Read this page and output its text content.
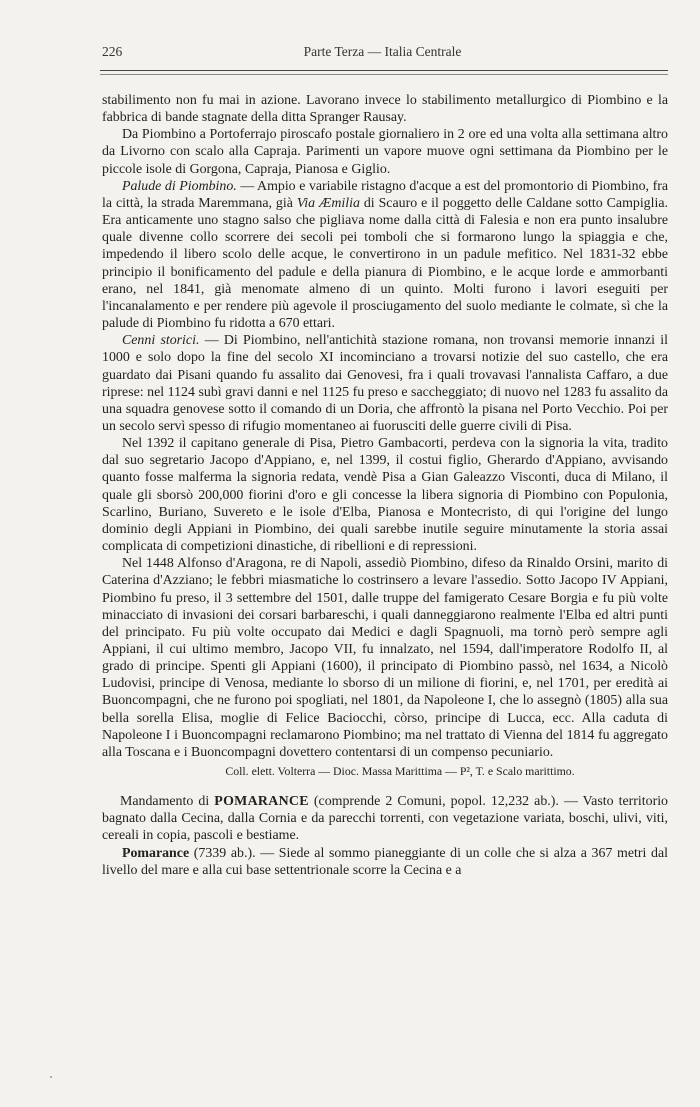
226	Parte Terza — Italia Centrale

stabilimento non fu mai in azione. Lavorano invece lo stabilimento metallurgico di Piombino e la fabbrica di bande stagnate della ditta Spranger Rausay.

Da Piombino a Portoferrajo piroscafo postale giornaliero in 2 ore ed una volta alla settimana altro da Livorno con scalo alla Capraja. Parimenti un vapore muove ogni settimana da Piombino per le piccole isole di Gorgona, Capraja, Pianosa e Giglio.

Palude di Piombino. — Ampio e variabile ristagno d'acque a est del promontorio di Piombino, fra la città, la strada Maremmana, già Via Æmilia di Scauro e il poggetto delle Caldane sotto Campiglia. Era anticamente uno stagno salso che pigliava nome dalla città di Falesia e non era punto insalubre quale divenne collo scorrere dei secoli pei tomboli che si formarono lungo la spiaggia e che, impedendo il libero scolo delle acque, le convertirono in un padule mefitico. Nel 1831-32 ebbe principio il bonificamento del padule e della pianura di Piombino, e le acque lorde e ammorbanti erano, nel 1841, già menomate almeno di un quinto. Molti furono i lavori eseguiti per l'incanalamento e per rendere più agevole il prosciugamento del suolo mediante le colmate, sì che la palude di Piombino fu ridotta a 670 ettari.

Cenni storici. — Di Piombino, nell'antichità stazione romana, non trovansi memorie innanzi il 1000 e solo dopo la fine del secolo XI incominciano a trovarsi notizie del suo castello, che era guardato dai Pisani quando fu assalito dai Genovesi, fra i quali trovavasi l'annalista Caffaro, a due riprese: nel 1124 subì gravi danni e nel 1125 fu preso e saccheggiato; di nuovo nel 1283 fu assalito da una squadra genovese sotto il comando di un Doria, che affrontò la pisana nel Porto Vecchio. Poi per un secolo servì spesso di rifugio momentaneo ai fuorusciti delle guerre civili di Pisa.

Nel 1392 il capitano generale di Pisa, Pietro Gambacorti, perdeva con la signoria la vita, tradito dal suo segretario Jacopo d'Appiano, e, nel 1399, il costui figlio, Gherardo d'Appiano, avvisando quanto fosse malferma la signoria redata, vendè Pisa a Gian Galeazzo Visconti, duca di Milano, il quale gli sborsò 200,000 fiorini d'oro e gli concesse la libera signoria di Piombino con Populonia, Scarlino, Buriano, Suvereto e le isole d'Elba, Pianosa e Montecristo, di qui l'origine del lungo dominio degli Appiani in Piombino, dei quali sarebbe inutile seguire minutamente la storia assai complicata di competizioni dinastiche, di ribellioni e di repressioni.

Nel 1448 Alfonso d'Aragona, re di Napoli, assediò Piombino, difeso da Rinaldo Orsini, marito di Caterina d'Azziano; le febbri miasmatiche lo costrinsero a levare l'assedio. Sotto Jacopo IV Appiani, Piombino fu preso, il 3 settembre del 1501, dalle truppe del famigerato Cesare Borgia e fu più volte minacciato di invasioni dei corsari barbareschi, i quali danneggiarono realmente l'Elba ed altri punti del principato. Fu più volte occupato dai Medici e dagli Spagnuoli, ma tornò però sempre agli Appiani, il cui ultimo membro, Jacopo VII, fu innalzato, nel 1594, dall'imperatore Rodolfo II, al grado di principe. Spenti gli Appiani (1600), il principato di Piombino passò, nel 1634, a Nicolò Ludovisi, principe di Venosa, mediante lo sborso di un milione di fiorini, e, nel 1701, per eredità ai Buoncompagni, che ne furono poi spogliati, nel 1801, da Napoleone I, che lo assegnò (1805) alla sua bella sorella Elisa, moglie di Felice Baciocchi, còrso, principe di Lucca, ecc. Alla caduta di Napoleone I i Buoncompagni reclamarono Piombino; ma nel trattato di Vienna del 1814 fu aggregato alla Toscana e i Buoncompagni dovettero contentarsi di un compenso pecuniario.

Coll. elett. Volterra — Dioc. Massa Marittima — P², T. e Scalo marittimo.

Mandamento di POMARANCE (comprende 2 Comuni, popol. 12,232 ab.). — Vasto territorio bagnato dalla Cecina, dalla Cornia e da parecchi torrenti, con vegetazione variata, boschi, ulivi, viti, cereali in copia, pascoli e bestiame.

Pomarance (7339 ab.). — Siede al sommo pianeggiante di un colle che si alza a 367 metri dal livello del mare e alla cui base settentrionale scorre la Cecina e a
